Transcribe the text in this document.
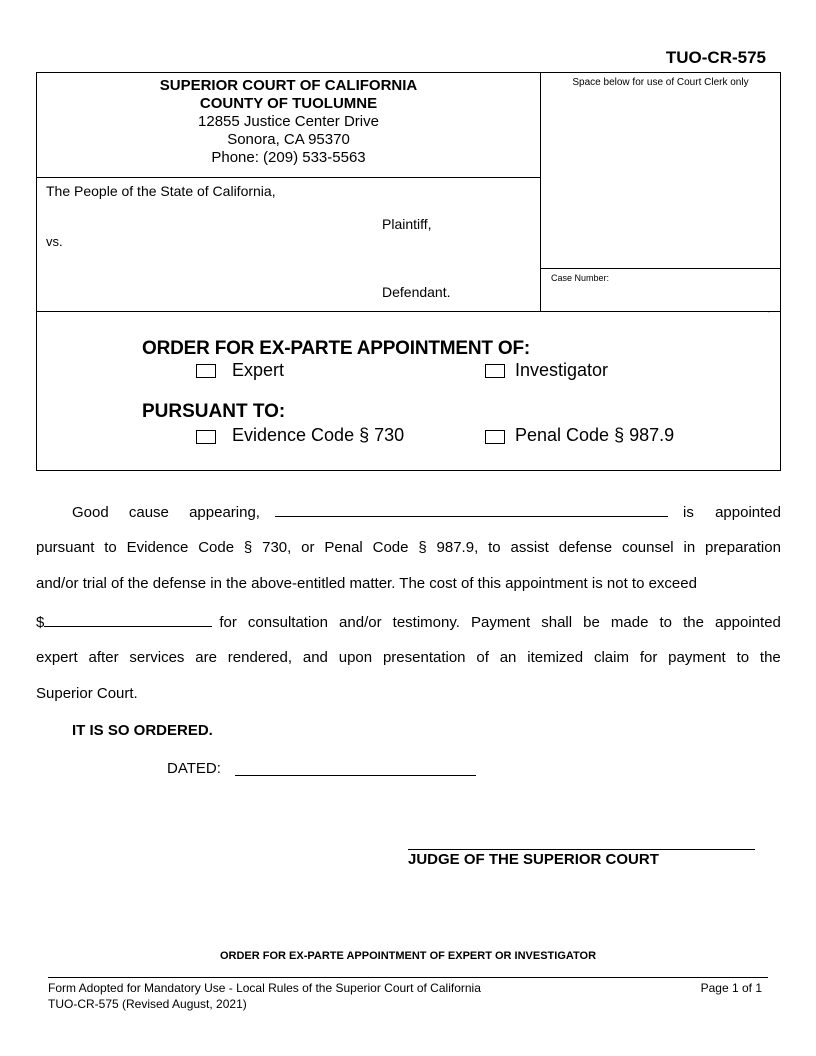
TUO-CR-575
SUPERIOR COURT OF CALIFORNIA
COUNTY OF TUOLUMNE
12855 Justice Center Drive
Sonora, CA 95370
Phone: (209) 533-5563
Space below for use of Court Clerk only
Case Number:
`
The People of the State of California,
Plaintiff,
vs.
Defendant.
ORDER FOR EX-PARTE APPOINTMENT OF:
Expert	Investigator
PURSUANT TO:
Evidence Code § 730	Penal Code § 987.9
Good cause appearing,	is appointed
pursuant to Evidence Code § 730, or Penal Code § 987.9, to assist defense counsel in preparation
and/or trial of the defense in the above-entitled matter. The cost of this appointment is not to exceed
$	for consultation and/or testimony. Payment shall be made to the appointed
expert after services are rendered, and upon presentation of an itemized claim for payment to the
Superior Court.
IT IS SO ORDERED.
DATED:
JUDGE OF THE SUPERIOR COURT
ORDER FOR EX-PARTE APPOINTMENT OF EXPERT OR INVESTIGATOR
Form Adopted for Mandatory Use - Local Rules of the Superior Court of California
TUO-CR-575 (Revised August, 2021)
Page 1 of 1
